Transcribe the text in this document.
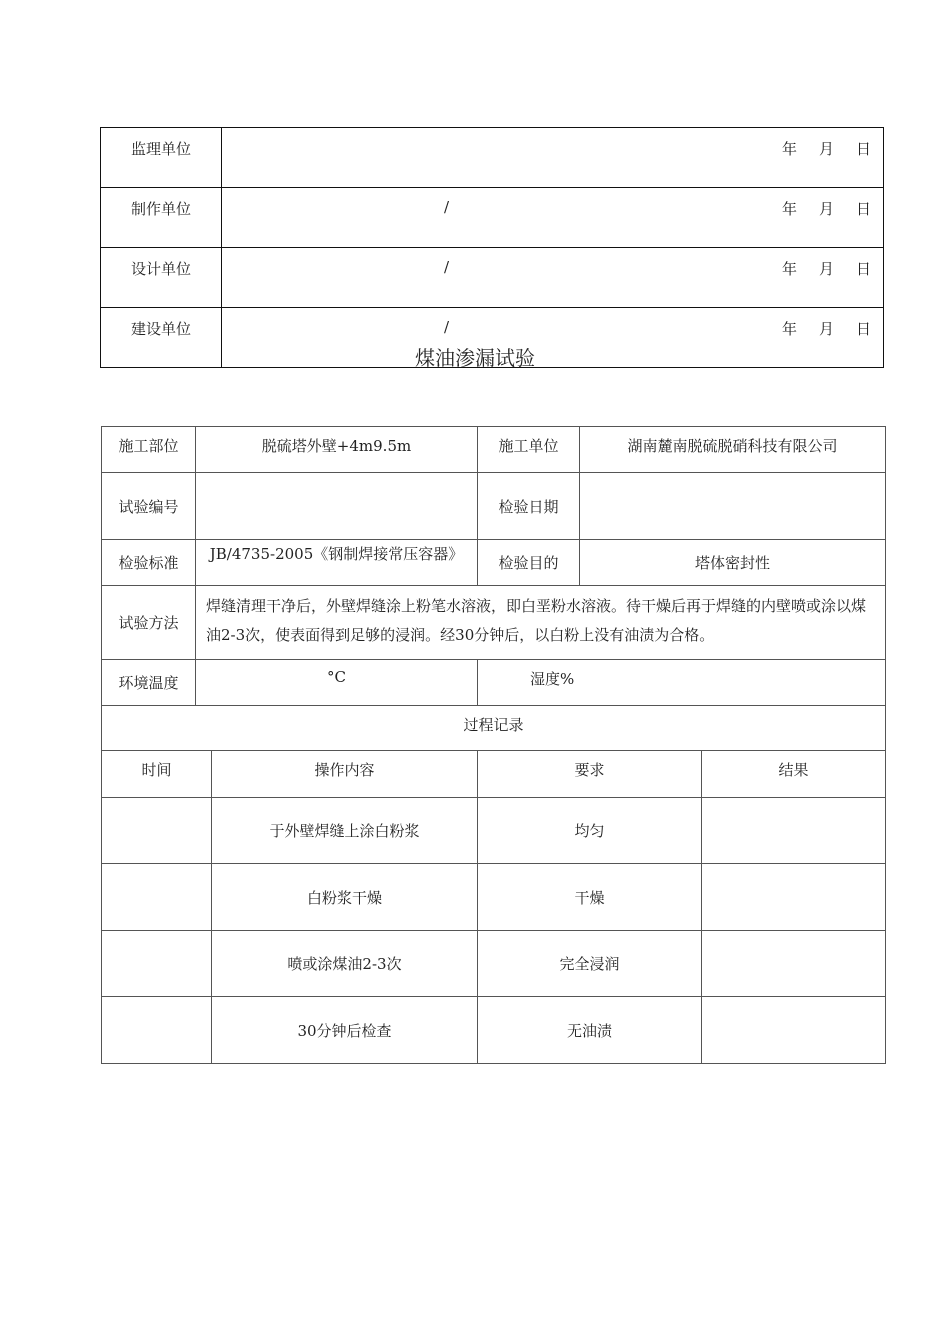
监理单位	年 月 日

制作单位	/ 年 月 日

设计单位	/ 年 月 日

建设单位	/ 年 月 日
煤油渗漏试验
施工部位	脱硫塔外壁+4m9.5m		施工单位	湖南麓南脱硫脱硝科技有限公司	
试验编号			检验日期		
检验标准	JB/4735-2005《钢制焊接常压容器》		检验目的	塔体密封性	
试验方法	焊缝清理干净后，外壁焊缝涂上粉笔水溶液，即白垩粉水溶液。待干燥后再于焊缝的内壁喷或涂以煤油2-3次，使表面得到足够的浸润。经30分钟后，以白粉上没有油渍为合格。				
环境温度	°C		湿度%		
过程记录					
时间		操作内容	要求		结果
		于外壁焊缝上涂白粉浆	均匀		
		白粉浆干燥	干燥		
		喷或涂煤油2-3次	完全浸润		
		30分钟后检查	无油渍		
